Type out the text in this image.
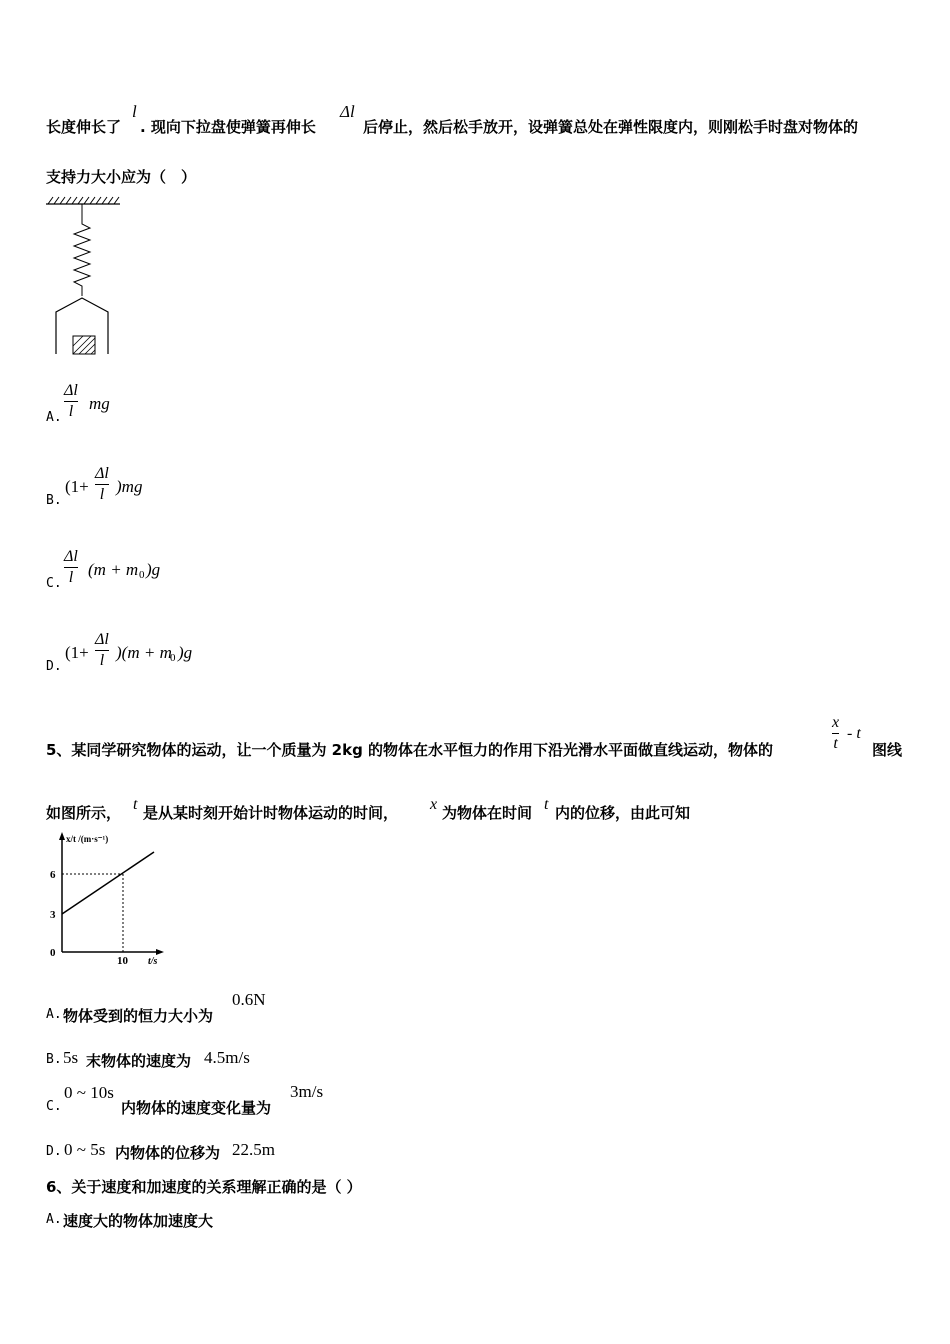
长度伸长了
l
. 现向下拉盘使弹簧再伸长
Δl
后停止，然后松手放开，设弹簧总处在弹性限度内，则刚松手时盘对物体的
支持力大小应为（　）
A.
Δl
l mg
B.
(1+
Δl
l )mg
C.
Δl
l (m + m 0 )g
D.
(1+
Δl
l )(m + m
0 )g
5、某同学研究物体的运动，让一个质量为 2kg 的物体在水平恒力的作用下沿光滑水平面做直线运动，物体的
x
t
- t
图线
如图所示， t 是从某时刻开始计时物体运动的时间， x 为物体在时间 t 内的位移，由此可知
x/t /(m·s⁻¹)
t/s
6
3
0
10
A. 物体受到的恒力大小为
0.6N
B. 5s 末物体的速度为 4.5m/s
C.
0 ~ 10s
内物体的速度变化量为
3m/s
D. 0 ~ 5s 内物体的位移为 22.5m
6、关于速度和加速度的关系理解正确的是（ ）
A. 速度大的物体加速度大
